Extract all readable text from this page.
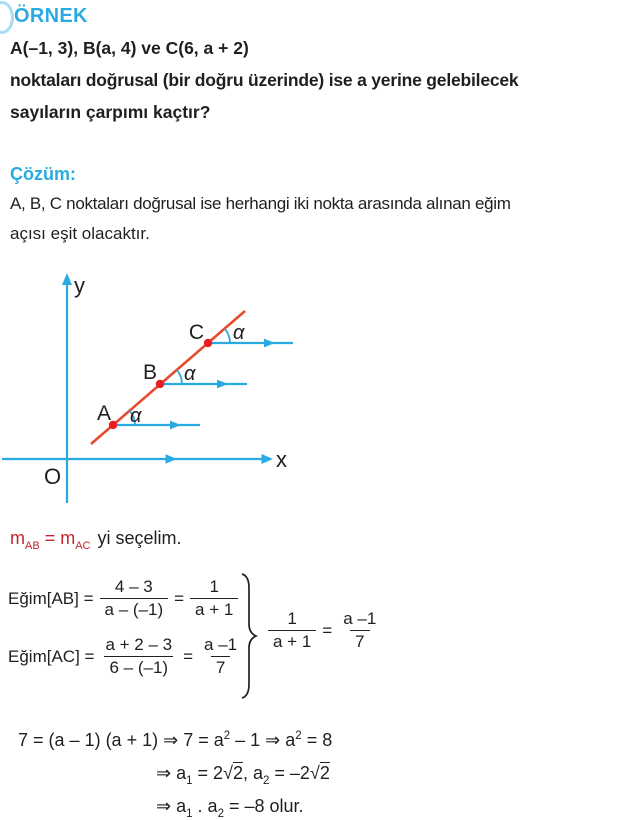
ÖRNEK
A(–1, 3), B(a, 4) ve C(6, a + 2)
noktaları doğrusal (bir doğru üzerinde) ise a yerine gelebilecek
sayıların çarpımı kaçtır?
Çözüm:
A, B, C noktaları doğrusal ise herhangi iki nokta arasında alınan eğim
açısı eşit olacaktır.
y
x
O
A
B
C
α
α
α
$m_{AB} = m_{AC}$ yi seçelim.
Eğim[AB] = $\frac{4 - 3}{a - (-1)} = \frac{1}{a + 1}$
Eğim[AC] = $\frac{a + 2 - 3}{6 - (-1)} = \frac{a -1}{7}$
$\frac{1}{a + 1} = \frac{a -1}{7}$

7 = (a – 1) (a + 1) ⇒ $7 = a^2 - 1$ ⇒ $a^2 = 8$

⇒ $a_1 = 2√2$, $a_2 = -2√2$

⇒ $a_1$ . $a_2 = -8$ olur.
